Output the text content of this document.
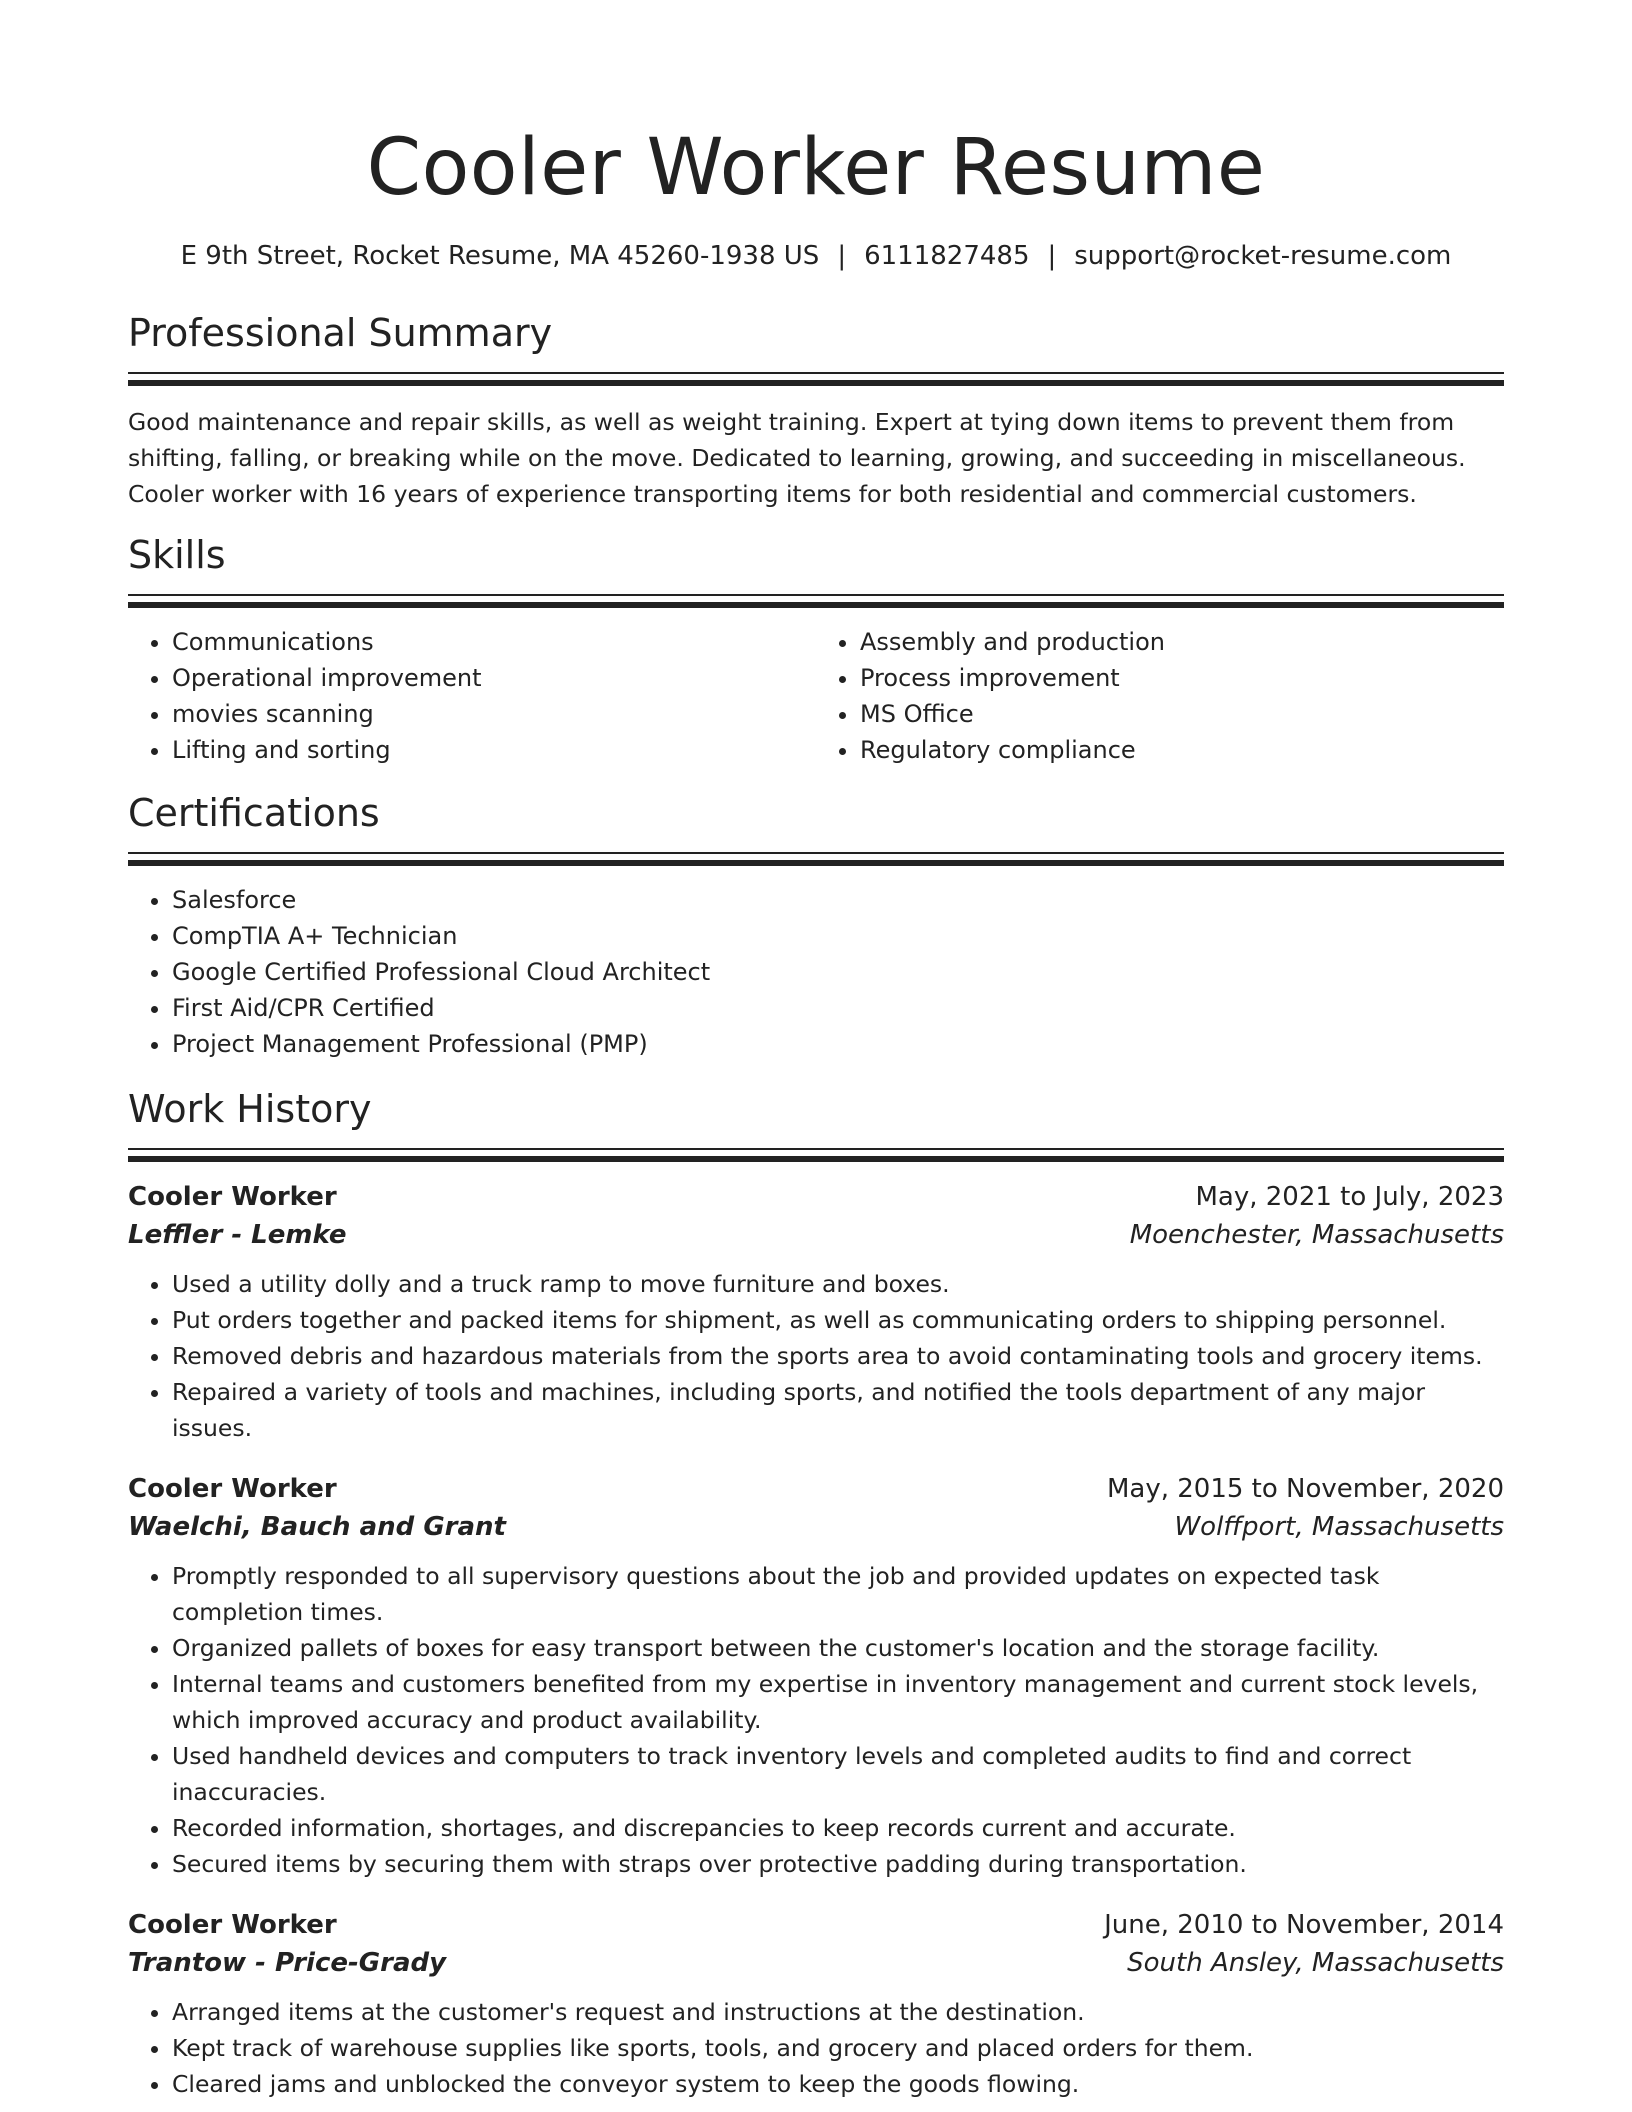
Cooler Worker Resume
E 9th Street, Rocket Resume, MA 45260-1938 US | 6111827485 | support@rocket-resume.com
Professional Summary

Good maintenance and repair skills, as well as weight training. Expert at tying down items to prevent them from shifting, falling, or breaking while on the move. Dedicated to learning, growing, and succeeding in miscellaneous. Cooler worker with 16 years of experience transporting items for both residential and commercial customers.

Skills
• Communications
• Operational improvement
• movies scanning
• Lifting and sorting
• Assembly and production
• Process improvement
• MS Office
• Regulatory compliance
Certifications
• Salesforce
• CompTIA A+ Technician
• Google Certified Professional Cloud Architect
• First Aid/CPR Certified
• Project Management Professional (PMP)
Work History
Cooler Worker	May, 2021 to July, 2023
Leffler - Lemke	Moenchester, Massachusetts
• Used a utility dolly and a truck ramp to move furniture and boxes.
• Put orders together and packed items for shipment, as well as communicating orders to shipping personnel.
• Removed debris and hazardous materials from the sports area to avoid contaminating tools and grocery items.
• Repaired a variety of tools and machines, including sports, and notified the tools department of any major issues.
Cooler Worker	May, 2015 to November, 2020
Waelchi, Bauch and Grant	Wolffport, Massachusetts
• Promptly responded to all supervisory questions about the job and provided updates on expected task completion times.
• Organized pallets of boxes for easy transport between the customer's location and the storage facility.
• Internal teams and customers benefited from my expertise in inventory management and current stock levels, which improved accuracy and product availability.
• Used handheld devices and computers to track inventory levels and completed audits to find and correct inaccuracies.
• Recorded information, shortages, and discrepancies to keep records current and accurate.
• Secured items by securing them with straps over protective padding during transportation.
Cooler Worker	June, 2010 to November, 2014
Trantow - Price-Grady	South Ansley, Massachusetts
• Arranged items at the customer's request and instructions at the destination.
• Kept track of warehouse supplies like sports, tools, and grocery and placed orders for them.
• Cleared jams and unblocked the conveyor system to keep the goods flowing.
